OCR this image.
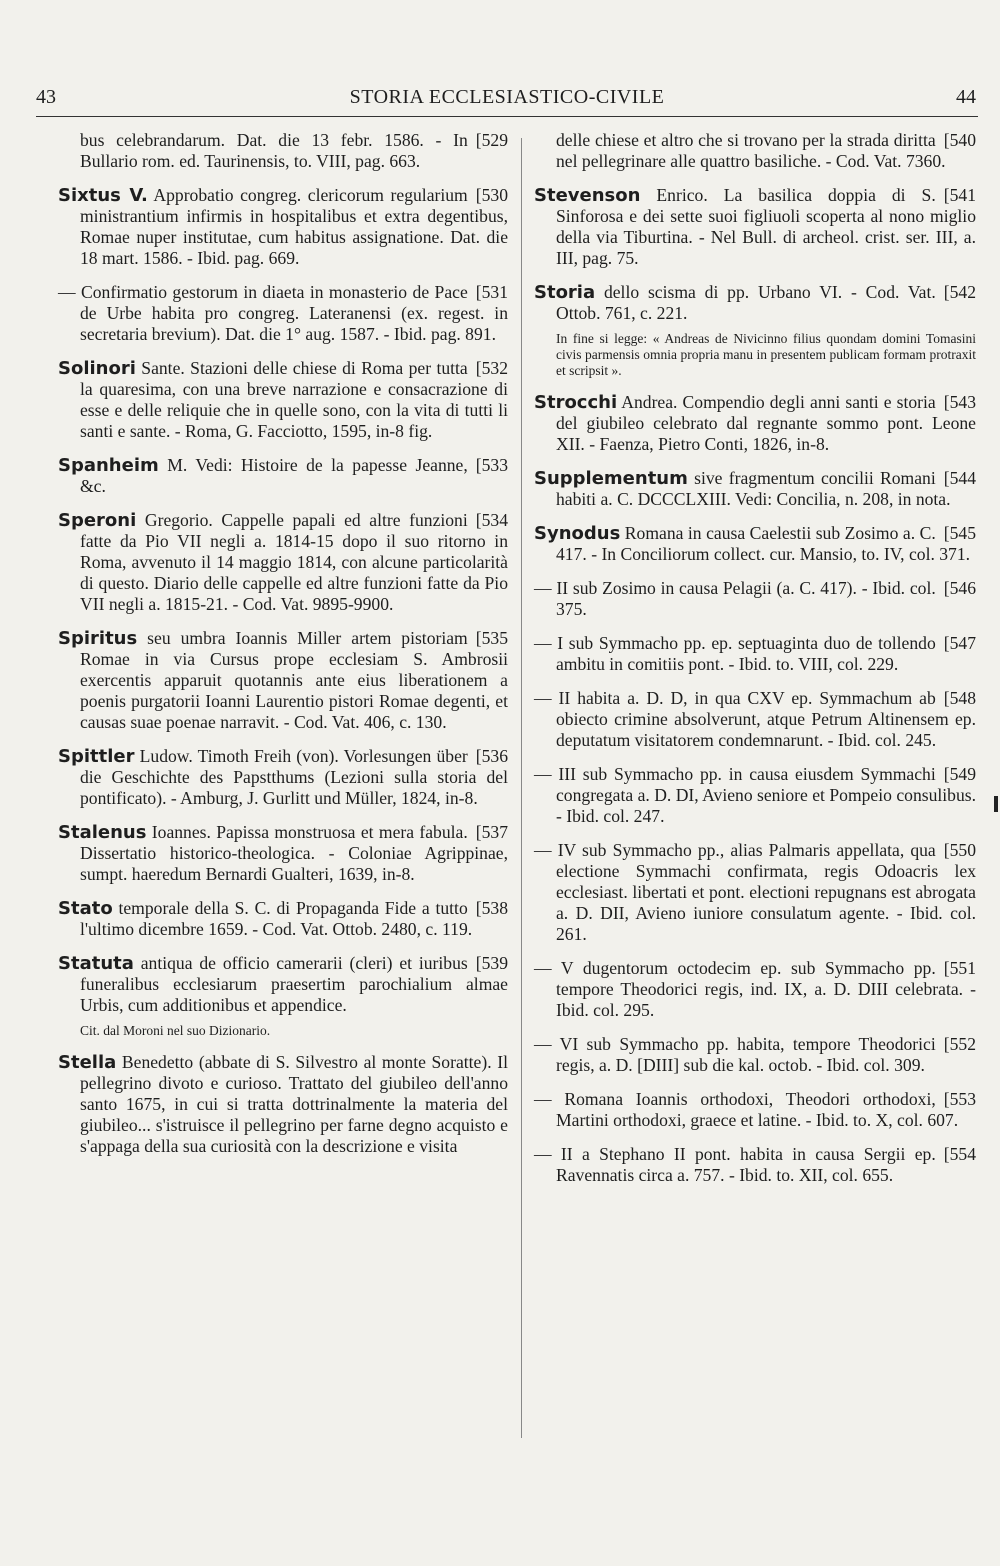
43	STORIA ECCLESIASTICO-CIVILE	44
[529
bus celebrandarum. Dat. die 13 febr. 1586. - In Bullario rom. ed. Taurinensis, to. VIII, pag. 663.
[530
Sixtus V. Approbatio congreg. clericorum regularium ministrantium infirmis in hospitalibus et extra degentibus, Romae nuper institutae, cum habitus assignatione. Dat. die 18 mart. 1586. - Ibid. pag. 669.
[531
— Confirmatio gestorum in diaeta in monasterio de Pace de Urbe habita pro congreg. Lateranensi (ex. regest. in secretaria brevium). Dat. die 1° aug. 1587. - Ibid. pag. 891.
[532
Solinori Sante. Stazioni delle chiese di Roma per tutta la quaresima, con una breve narrazione e consacrazione di esse e delle reliquie che in quelle sono, con la vita di tutti li santi e sante. - Roma, G. Facciotto, 1595, in-8 fig.
[533
Spanheim M. Vedi: Histoire de la papesse Jeanne, &c.
[534
Speroni Gregorio. Cappelle papali ed altre funzioni fatte da Pio VII negli a. 1814-15 dopo il suo ritorno in Roma, avvenuto il 14 maggio 1814, con alcune particolarità di questo. Diario delle cappelle ed altre funzioni fatte da Pio VII negli a. 1815-21. - Cod. Vat. 9895-9900.
[535
Spiritus seu umbra Ioannis Miller artem pistoriam Romae in via Cursus prope ecclesiam S. Ambrosii exercentis apparuit quotannis ante eius liberationem a poenis purgatorii Ioanni Laurentio pistori Romae degenti, et causas suae poenae narravit. - Cod. Vat. 406, c. 130.
[536
Spittler Ludow. Timoth Freih (von). Vorlesungen über die Geschichte des Papstthums (Lezioni sulla storia del pontificato). - Amburg, J. Gurlitt und Müller, 1824, in-8.
[537
Stalenus Ioannes. Papissa monstruosa et mera fabula. Dissertatio historico-theologica. - Coloniae Agrippinae, sumpt. haeredum Bernardi Gualteri, 1639, in-8.
[538
Stato temporale della S. C. di Propaganda Fide a tutto l'ultimo dicembre 1659. - Cod. Vat. Ottob. 2480, c. 119.
[539
Statuta antiqua de officio camerarii (cleri) et iuribus funeralibus ecclesiarum praesertim parochialium almae Urbis, cum additionibus et appendice.
Cit. dal Moroni nel suo Dizionario.
Stella Benedetto (abbate di S. Silvestro al monte Soratte). Il pellegrino divoto e curioso. Trattato del giubileo dell'anno santo 1675, in cui si tratta dottrinalmente la materia del giubileo... s'istruisce il pellegrino per farne degno acquisto e s'appaga della sua curiosità con la descrizione e visita
[540
delle chiese et altro che si trovano per la strada diritta nel pellegrinare alle quattro basiliche. - Cod. Vat. 7360.
[541
Stevenson Enrico. La basilica doppia di S. Sinforosa e dei sette suoi figliuoli scoperta al nono miglio della via Tiburtina. - Nel Bull. di archeol. crist. ser. III, a. III, pag. 75.
[542
Storia dello scisma di pp. Urbano VI. - Cod. Vat. Ottob. 761, c. 221.
In fine si legge: « Andreas de Nivicinno filius quondam domini Tomasini civis parmensis omnia propria manu in presentem publicam formam protraxit et scripsit ».
[543
Strocchi Andrea. Compendio degli anni santi e storia del giubileo celebrato dal regnante sommo pont. Leone XII. - Faenza, Pietro Conti, 1826, in-8.
[544
Supplementum sive fragmentum concilii Romani habiti a. C. DCCCLXIII. Vedi: Concilia, n. 208, in nota.
[545
Synodus Romana in causa Caelestii sub Zosimo a. C. 417. - In Conciliorum collect. cur. Mansio, to. IV, col. 371.
[546
— II sub Zosimo in causa Pelagii (a. C. 417). - Ibid. col. 375.
[547
— I sub Symmacho pp. ep. septuaginta duo de tollendo ambitu in comitiis pont. - Ibid. to. VIII, col. 229.
[548
— II habita a. D. D, in qua CXV ep. Symmachum ab obiecto crimine absolverunt, atque Petrum Altinensem ep. deputatum visitatorem condemnarunt. - Ibid. col. 245.
[549
— III sub Symmacho pp. in causa eiusdem Symmachi congregata a. D. DI, Avieno seniore et Pompeio consulibus. - Ibid. col. 247.
[550
— IV sub Symmacho pp., alias Palmaris appellata, qua electione Symmachi confirmata, regis Odoacris lex ecclesiast. libertati et pont. electioni repugnans est abrogata a. D. DII, Avieno iuniore consulatum agente. - Ibid. col. 261.
[551
— V dugentorum octodecim ep. sub Symmacho pp. tempore Theodorici regis, ind. IX, a. D. DIII celebrata. - Ibid. col. 295.
[552
— VI sub Symmacho pp. habita, tempore Theodorici regis, a. D. [DIII] sub die kal. octob. - Ibid. col. 309.
[553
— Romana Ioannis orthodoxi, Theodori orthodoxi, Martini orthodoxi, graece et latine. - Ibid. to. X, col. 607.
[554
— II a Stephano II pont. habita in causa Sergii ep. Ravennatis circa a. 757. - Ibid. to. XII, col. 655.
